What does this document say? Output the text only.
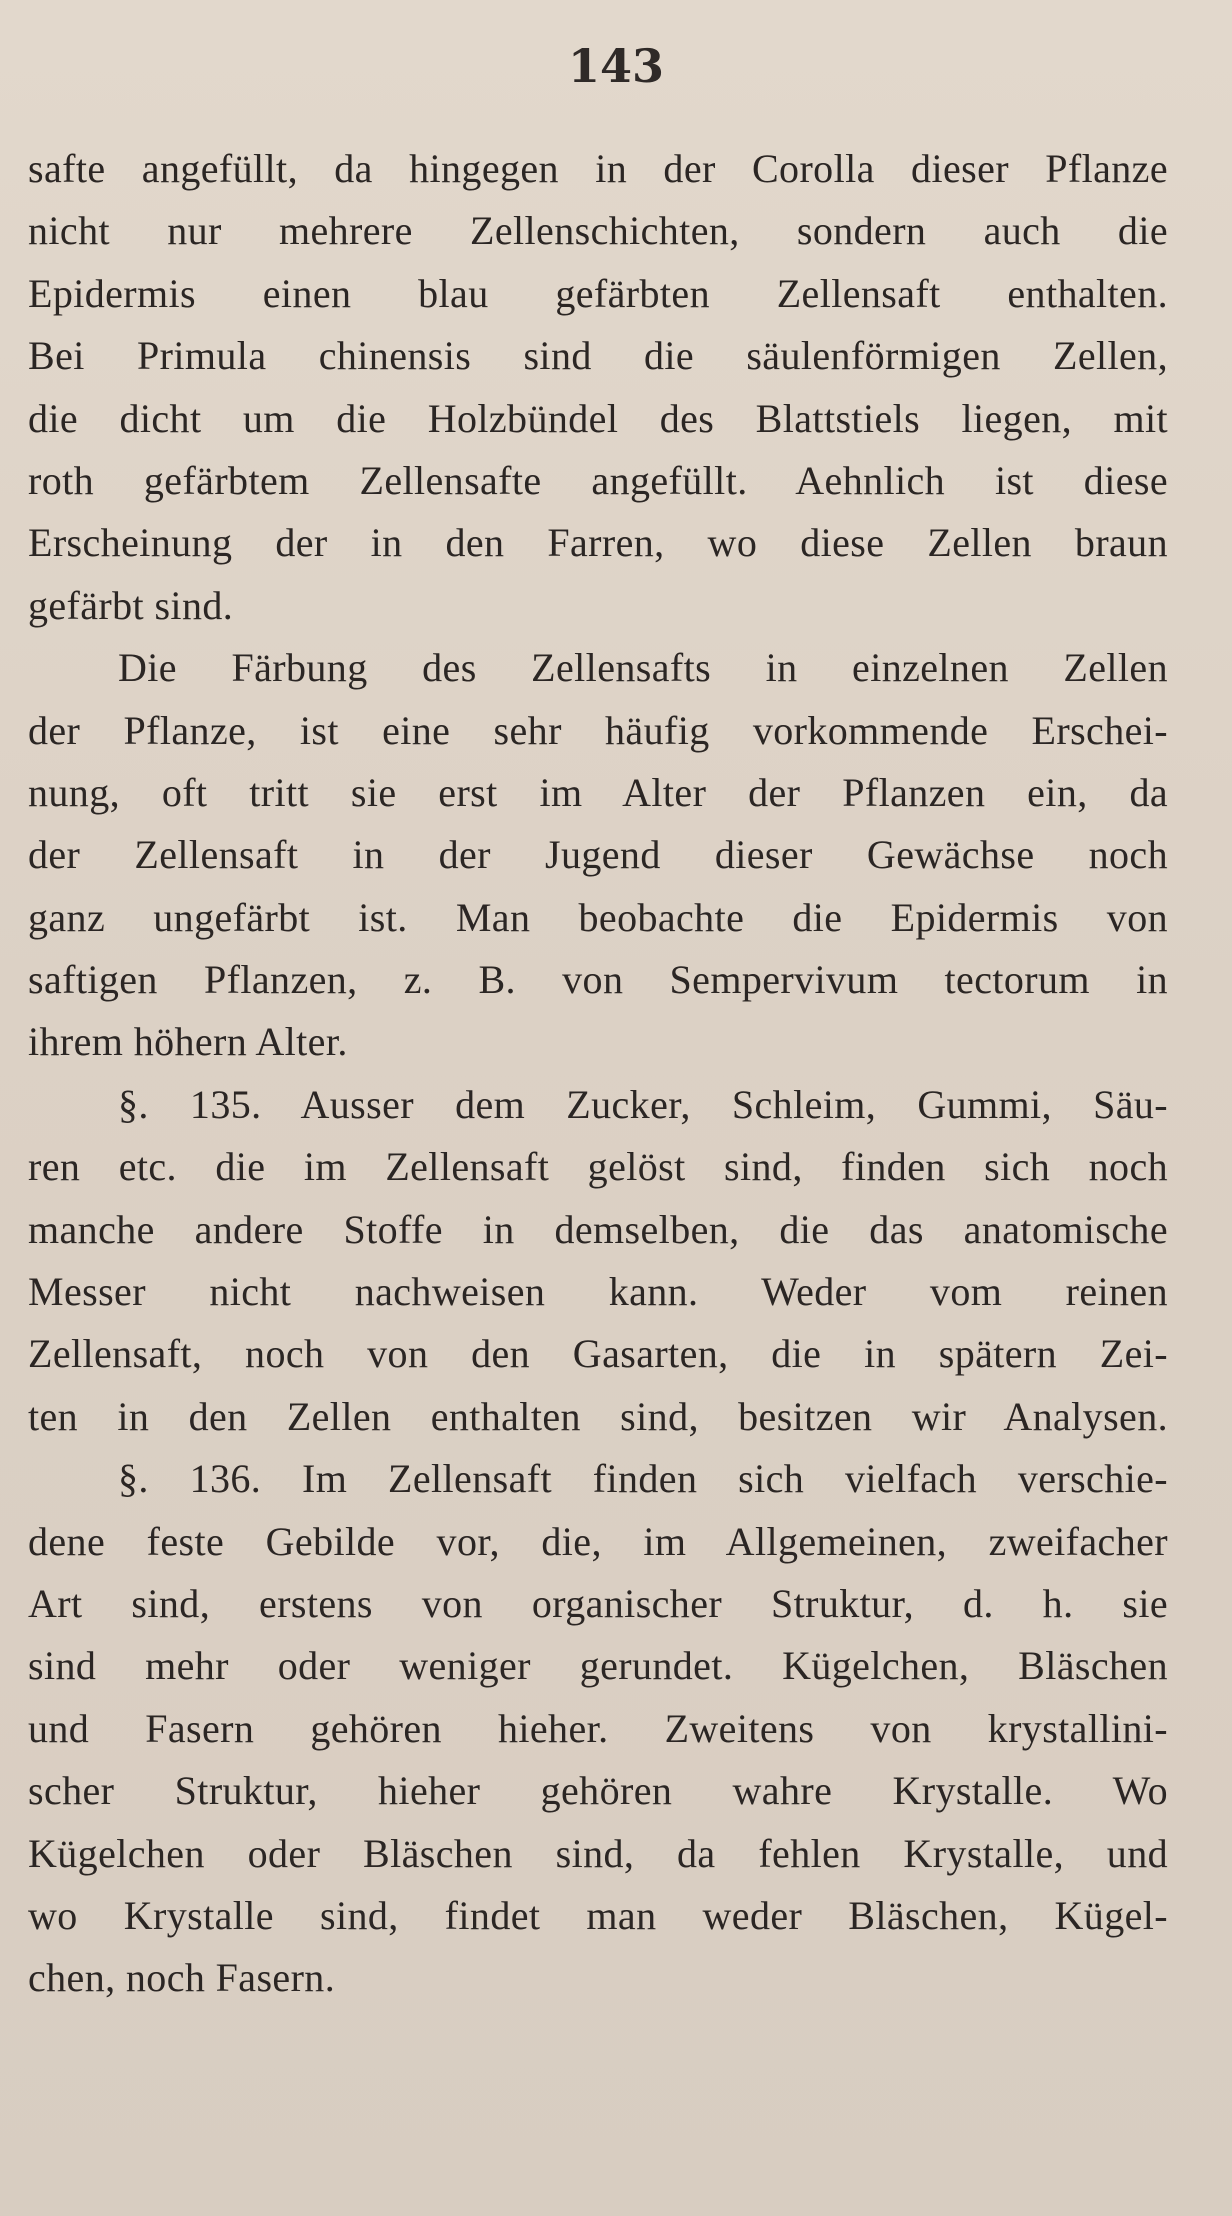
143
safte angefüllt, da hingegen in der Corolla dieser Pflanze
nicht nur mehrere Zellenschichten, sondern auch die
Epidermis einen blau gefärbten Zellensaft enthalten.
Bei Primula chinensis sind die säulenförmigen Zellen,
die dicht um die Holzbündel des Blattstiels liegen, mit
roth gefärbtem Zellensafte angefüllt. Aehnlich ist diese
Erscheinung der in den Farren, wo diese Zellen braun
gefärbt sind.
Die Färbung des Zellensafts in einzelnen Zellen
der Pflanze, ist eine sehr häufig vorkommende Erschei-
nung, oft tritt sie erst im Alter der Pflanzen ein, da
der Zellensaft in der Jugend dieser Gewächse noch
ganz ungefärbt ist. Man beobachte die Epidermis von
saftigen Pflanzen, z. B. von Sempervivum tectorum in
ihrem höhern Alter.
§. 135. Ausser dem Zucker, Schleim, Gummi, Säu-
ren etc. die im Zellensaft gelöst sind, finden sich noch
manche andere Stoffe in demselben, die das anatomische
Messer nicht nachweisen kann. Weder vom reinen
Zellensaft, noch von den Gasarten, die in spätern Zei-
ten in den Zellen enthalten sind, besitzen wir Analysen.
§. 136. Im Zellensaft finden sich vielfach verschie-
dene feste Gebilde vor, die, im Allgemeinen, zweifacher
Art sind, erstens von organischer Struktur, d. h. sie
sind mehr oder weniger gerundet. Kügelchen, Bläschen
und Fasern gehören hieher. Zweitens von krystallini-
scher Struktur, hieher gehören wahre Krystalle. Wo
Kügelchen oder Bläschen sind, da fehlen Krystalle, und
wo Krystalle sind, findet man weder Bläschen, Kügel-
chen, noch Fasern.
